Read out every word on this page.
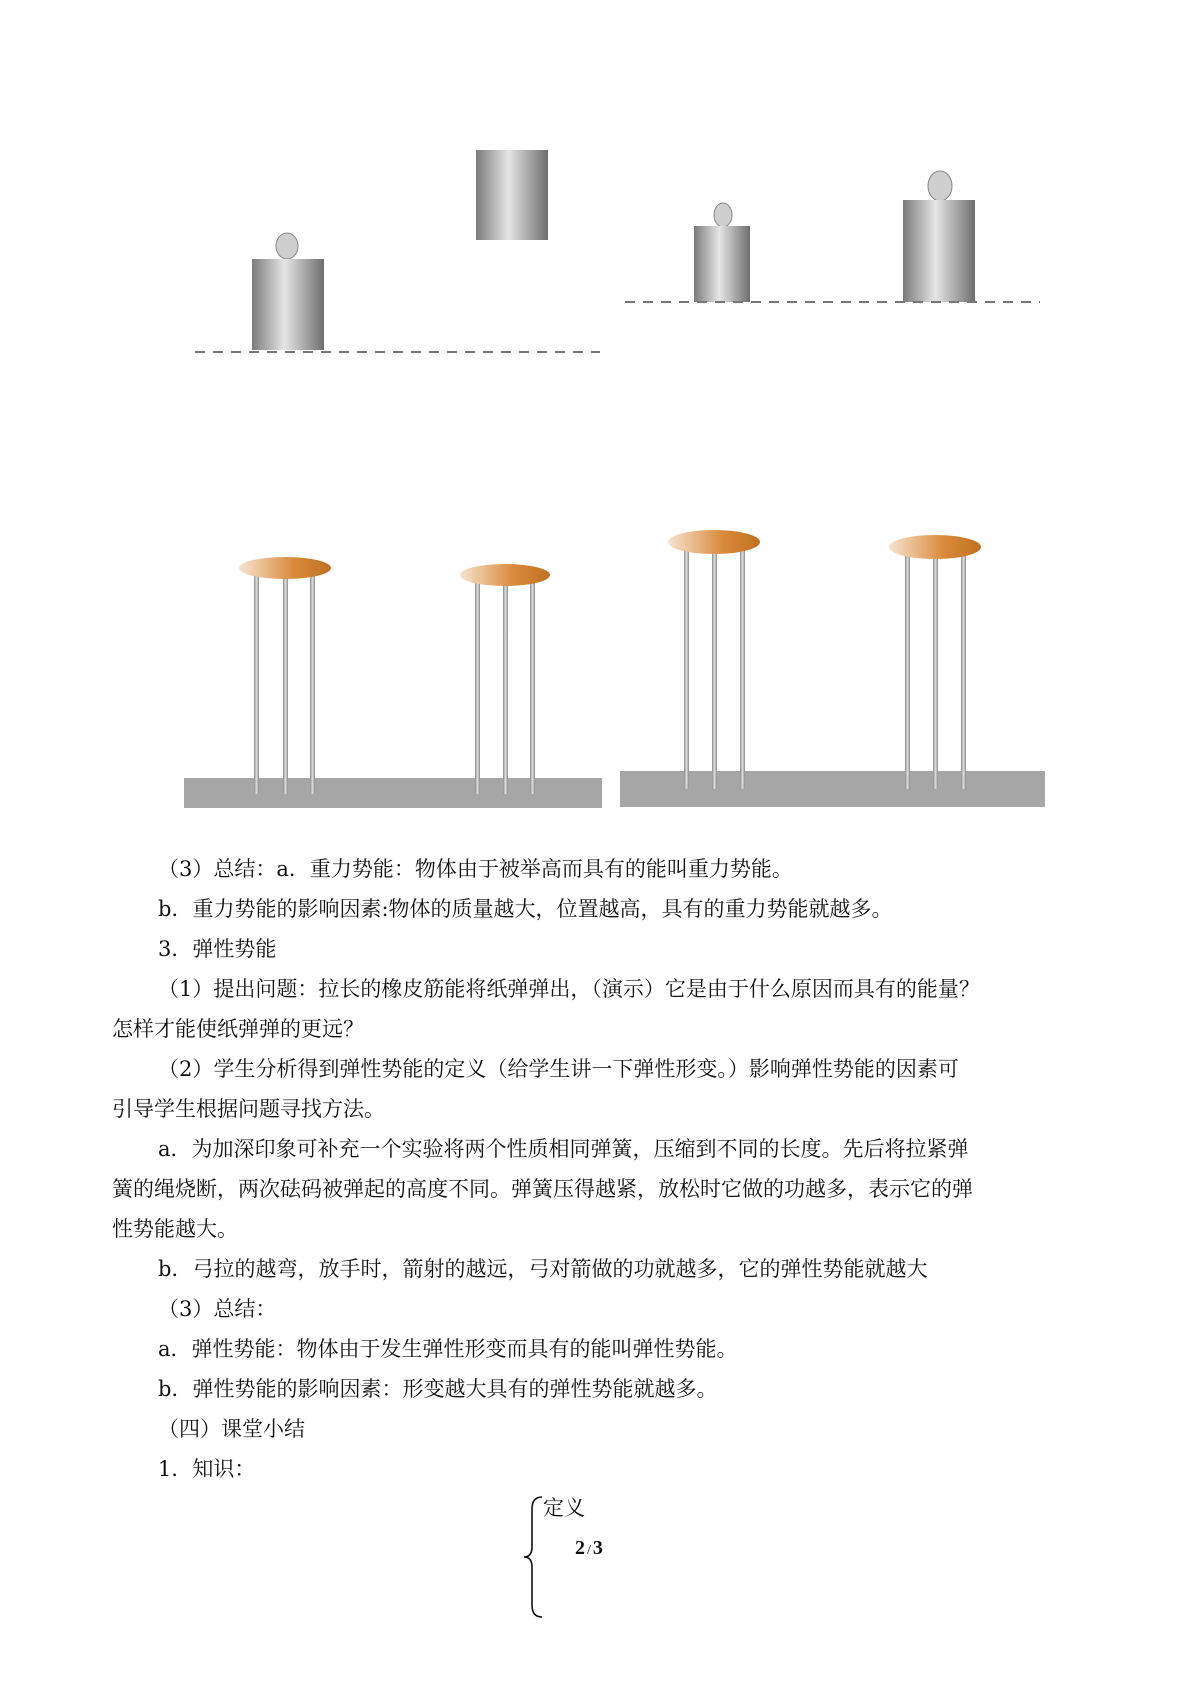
（3）总结：a．重力势能：物体由于被举高而具有的能叫重力势能。
b．重力势能的影响因素:物体的质量越大，位置越高，具有的重力势能就越多。
3．弹性势能
（1）提出问题：拉长的橡皮筋能将纸弹弹出，（演示）它是由于什么原因而具有的能量？
怎样才能使纸弹弹的更远？
（2）学生分析得到弹性势能的定义（给学生讲一下弹性形变。）影响弹性势能的因素可
引导学生根据问题寻找方法。
a．为加深印象可补充一个实验将两个性质相同弹簧，压缩到不同的长度。先后将拉紧弹
簧的绳烧断，两次砝码被弹起的高度不同。弹簧压得越紧，放松时它做的功越多，表示它的弹
性势能越大。
b．弓拉的越弯，放手时，箭射的越远，弓对箭做的功就越多，它的弹性势能就越大
（3）总结：
a．弹性势能：物体由于发生弹性形变而具有的能叫弹性势能。
b．弹性势能的影响因素：形变越大具有的弹性势能就越多。
（四）课堂小结
1．知识：
定义
2 / 3
